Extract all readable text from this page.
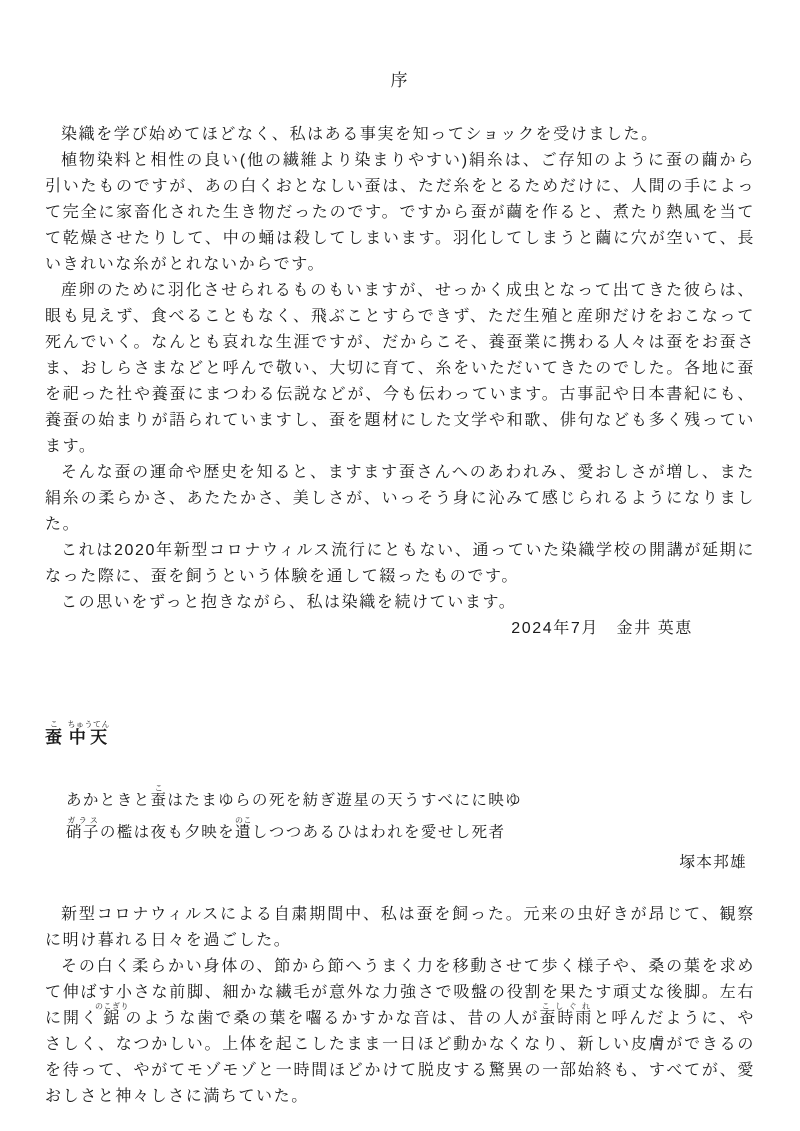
序

染織を学び始めてほどなく、私はある事実を知ってショックを受けました。

植物染料と相性の良い(他の繊維より染まりやすい)絹糸は、ご存知のように蚕の繭から引いたものですが、あの白くおとなしい蚕は、ただ糸をとるためだけに、人間の手によって完全に家畜化された生き物だったのです。ですから蚕が繭を作ると、煮たり熱風を当てて乾燥させたりして、中の蛹は殺してしまいます。羽化してしまうと繭に穴が空いて、長いきれいな糸がとれないからです。

産卵のために羽化させられるものもいますが、せっかく成虫となって出てきた彼らは、眼も見えず、食べることもなく、飛ぶことすらできず、ただ生殖と産卵だけをおこなって死んでいく。なんとも哀れな生涯ですが、だからこそ、養蚕業に携わる人々は蚕をお蚕さま、おしらさまなどと呼んで敬い、大切に育て、糸をいただいてきたのでした。各地に蚕を祀った社や養蚕にまつわる伝説などが、今も伝わっています。古事記や日本書紀にも、養蚕の始まりが語られていますし、蚕を題材にした文学や和歌、俳句なども多く残っています。

そんな蚕の運命や歴史を知ると、ますます蚕さんへのあわれみ、愛おしさが増し、また絹糸の柔らかさ、あたたかさ、美しさが、いっそう身に沁みて感じられるようになりました。

これは2020年新型コロナウィルス流行にともない、通っていた染織学校の開講が延期になった際に、蚕を飼うという体験を通して綴ったものです。

この思いをずっと抱きながら、私は染織を続けています。

2024年7月　金井 英恵

蚕こ中天ちゅうてん

あかときと蚕こはたまゆらの死を紡ぎ遊星の天うすべにに映ゆ

硝子ガラスの檻は夜も夕映を遺のこしつつあるひはわれを愛せし死者

塚本邦雄

新型コロナウィルスによる自粛期間中、私は蚕を飼った。元来の虫好きが昂じて、観察に明け暮れる日々を過ごした。

その白く柔らかい身体の、節から節へうまく力を移動させて歩く様子や、桑の葉を求めて伸ばす小さな前脚、細かな繊毛が意外な力強さで吸盤の役割を果たす頑丈な後脚。左右に開く鋸のこぎりのような歯で桑の葉を囓るかすかな音は、昔の人が蚕時雨こしぐれと呼んだように、やさしく、なつかしい。上体を起こしたまま一日ほど動かなくなり、新しい皮膚ができるのを待って、やがてモゾモゾと一時間ほどかけて脱皮する驚異の一部始終も、すべてが、愛おしさと神々しさに満ちていた。
